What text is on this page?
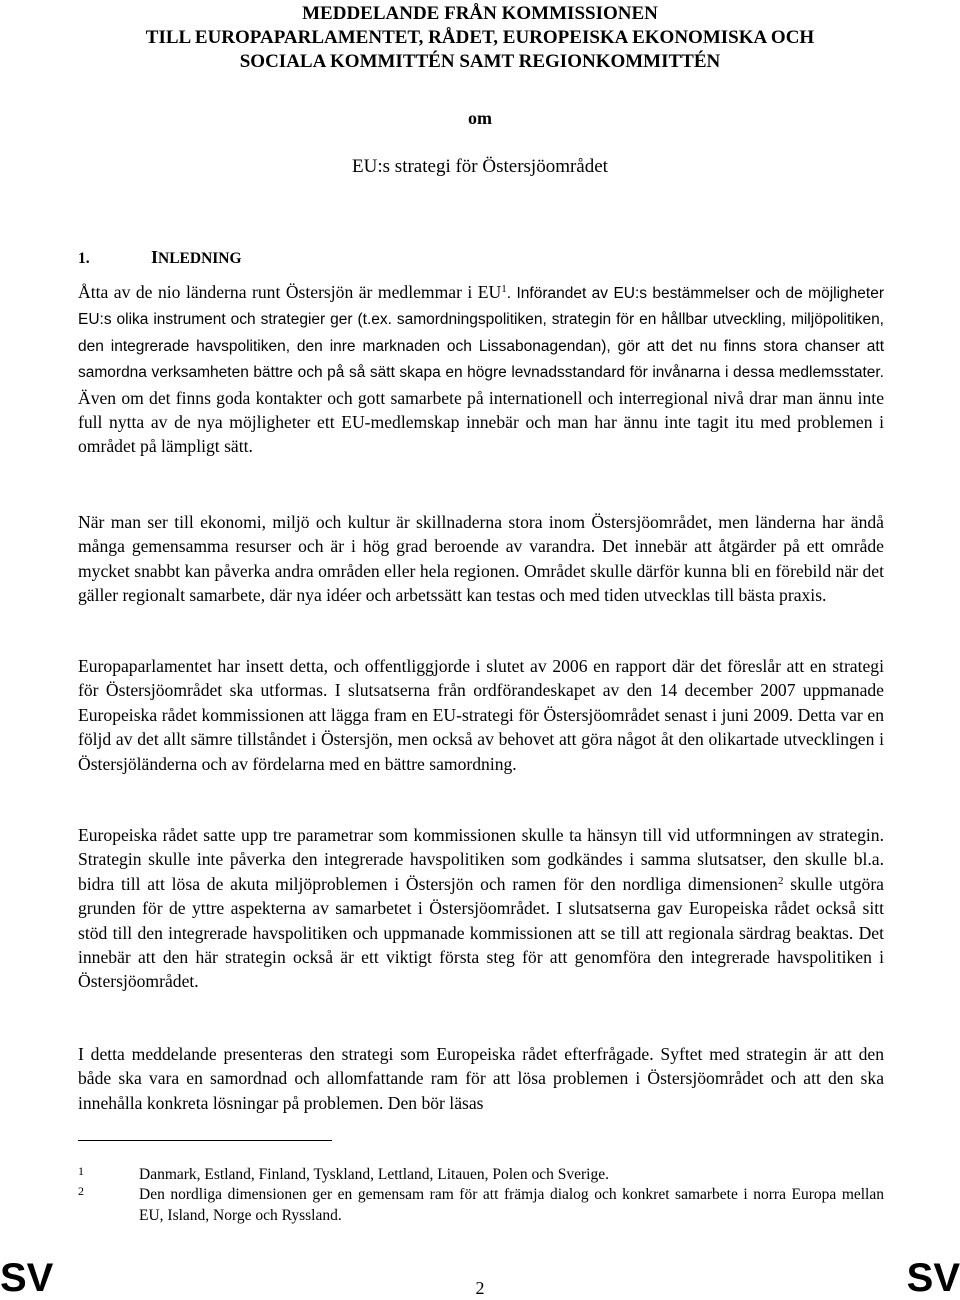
MEDDELANDE FRÅN KOMMISSIONEN
TILL EUROPAPARLAMENTET, RÅDET, EUROPEISKA EKONOMISKA OCH
SOCIALA KOMMITTÉN SAMT REGIONKOMMITTÉN
om
EU:s strategi för Östersjöområdet
1.	INLEDNING

Åtta av de nio länderna runt Östersjön är medlemmar i $EU^1$. Införandet av EU:s bestämmelser och de möjligheter EU:s olika instrument och strategier ger (t.ex. samordningspolitiken, strategin för en hållbar utveckling, miljöpolitiken, den integrerade havspolitiken, den inre marknaden och Lissabonagendan), gör att det nu finns stora chanser att samordna verksamheten bättre och på så sätt skapa en högre levnadsstandard för invånarna i dessa medlemsstater. Även om det finns goda kontakter och gott samarbete på internationell och interregional nivå drar man ännu inte full nytta av de nya möjligheter ett EU-medlemskap innebär och man har ännu inte tagit itu med problemen i området på lämpligt sätt.

När man ser till ekonomi, miljö och kultur är skillnaderna stora inom Östersjöområdet, men länderna har ändå många gemensamma resurser och är i hög grad beroende av varandra. Det innebär att åtgärder på ett område mycket snabbt kan påverka andra områden eller hela regionen. Området skulle därför kunna bli en förebild när det gäller regionalt samarbete, där nya idéer och arbetssätt kan testas och med tiden utvecklas till bästa praxis.

Europaparlamentet har insett detta, och offentliggjorde i slutet av 2006 en rapport där det föreslår att en strategi för Östersjöområdet ska utformas. I slutsatserna från ordförandeskapet av den 14 december 2007 uppmanade Europeiska rådet kommissionen att lägga fram en EU-strategi för Östersjöområdet senast i juni 2009. Detta var en följd av det allt sämre tillståndet i Östersjön, men också av behovet att göra något åt den olikartade utvecklingen i Östersjöländerna och av fördelarna med en bättre samordning.

Europeiska rådet satte upp tre parametrar som kommissionen skulle ta hänsyn till vid utformningen av strategin. Strategin skulle inte påverka den integrerade havspolitiken som godkändes i samma slutsatser, den skulle bl.a. bidra till att lösa de akuta miljöproblemen i Östersjön och ramen för den nordliga dimensionen$^2$ skulle utgöra grunden för de yttre aspekterna av samarbetet i Östersjöområdet. I slutsatserna gav Europeiska rådet också sitt stöd till den integrerade havspolitiken och uppmanade kommissionen att se till att regionala särdrag beaktas. Det innebär att den här strategin också är ett viktigt första steg för att genomföra den integrerade havspolitiken i Östersjöområdet.

I detta meddelande presenteras den strategi som Europeiska rådet efterfrågade. Syftet med strategin är att den både ska vara en samordnad och allomfattande ram för att lösa problemen i Östersjöområdet och att den ska innehålla konkreta lösningar på problemen. Den bör läsas

1	Danmark, Estland, Finland, Tyskland, Lettland, Litauen, Polen och Sverige.
2	Den nordliga dimensionen ger en gemensam ram för att främja dialog och konkret samarbete i norra Europa mellan EU, Island, Norge och Ryssland.
SV	2	SV
